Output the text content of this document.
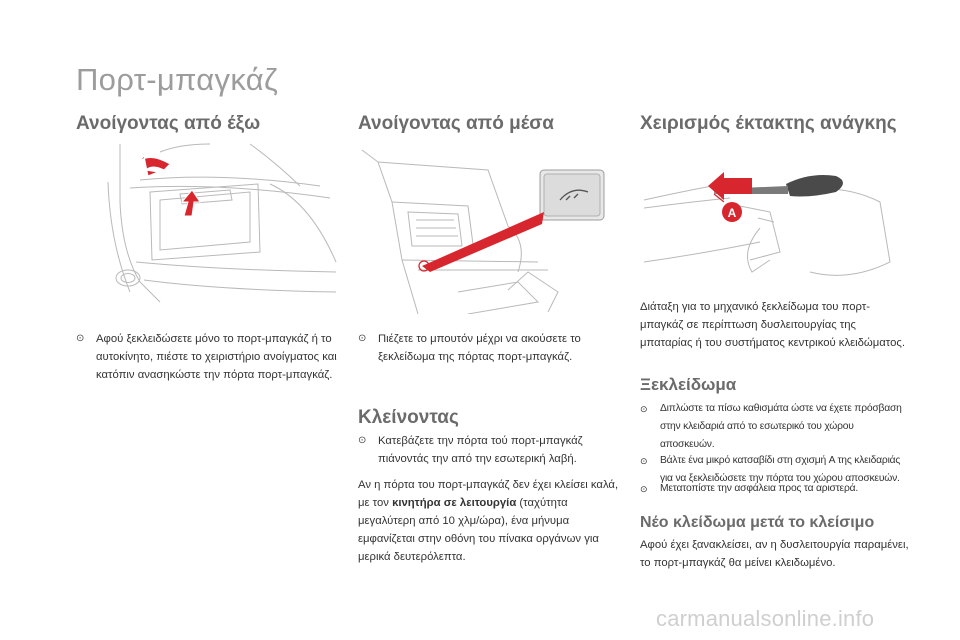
Πορτ-μπαγκάζ
Ανοίγοντας από έξω
⊙	Αφού ξεκλειδώσετε μόνο το πορτ-μπαγκάζ ή το αυτοκίνητο, πιέστε το χειριστήριο ανοίγματος και κατόπιν ανασηκώστε την πόρτα πορτ-μπαγκάζ.
Ανοίγοντας από μέσα
⊙	Πιέζετε το μπουτόν μέχρι να ακούσετε το ξεκλείδωμα της πόρτας πορτ-μπαγκάζ.
Κλείνοντας
⊙	Κατεβάζετε την πόρτα τού πορτ-μπαγκάζ πιάνοντάς την από την εσωτερική λαβή.
Αν η πόρτα του πορτ-μπαγκάζ δεν έχει κλείσει καλά, με τον κινητήρα σε λειτουργία (ταχύτητα μεγαλύτερη από 10 χλμ/ώρα), ένα μήνυμα εμφανίζεται στην οθόνη του πίνακα οργάνων για μερικά δευτερόλεπτα.
Χειρισμός έκτακτης ανάγκης
A
Διάταξη για το μηχανικό ξεκλείδωμα του πορτ-μπαγκάζ σε περίπτωση δυσλειτουργίας της μπαταρίας ή του συστήματος κεντρικού κλειδώματος.
Ξεκλείδωμα
⊙	Διπλώστε τα πίσω καθισμάτα ώστε να έχετε πρόσβαση στην κλειδαριά από το εσωτερικό του χώρου αποσκευών.
⊙	Βάλτε ένα μικρό κατσαβίδι στη σχισμή A της κλειδαριάς για να ξεκλειδώσετε την πόρτα του χώρου αποσκευών.
⊙	Μετατοπίστε την ασφάλεια προς τα αριστερά.
Νέο κλείδωμα μετά το κλείσιμο
Αφού έχει ξανακλείσει, αν η δυσλειτουργία παραμένει, το πορτ-μπαγκάζ θα μείνει κλειδωμένο.
carmanualsonline.info
